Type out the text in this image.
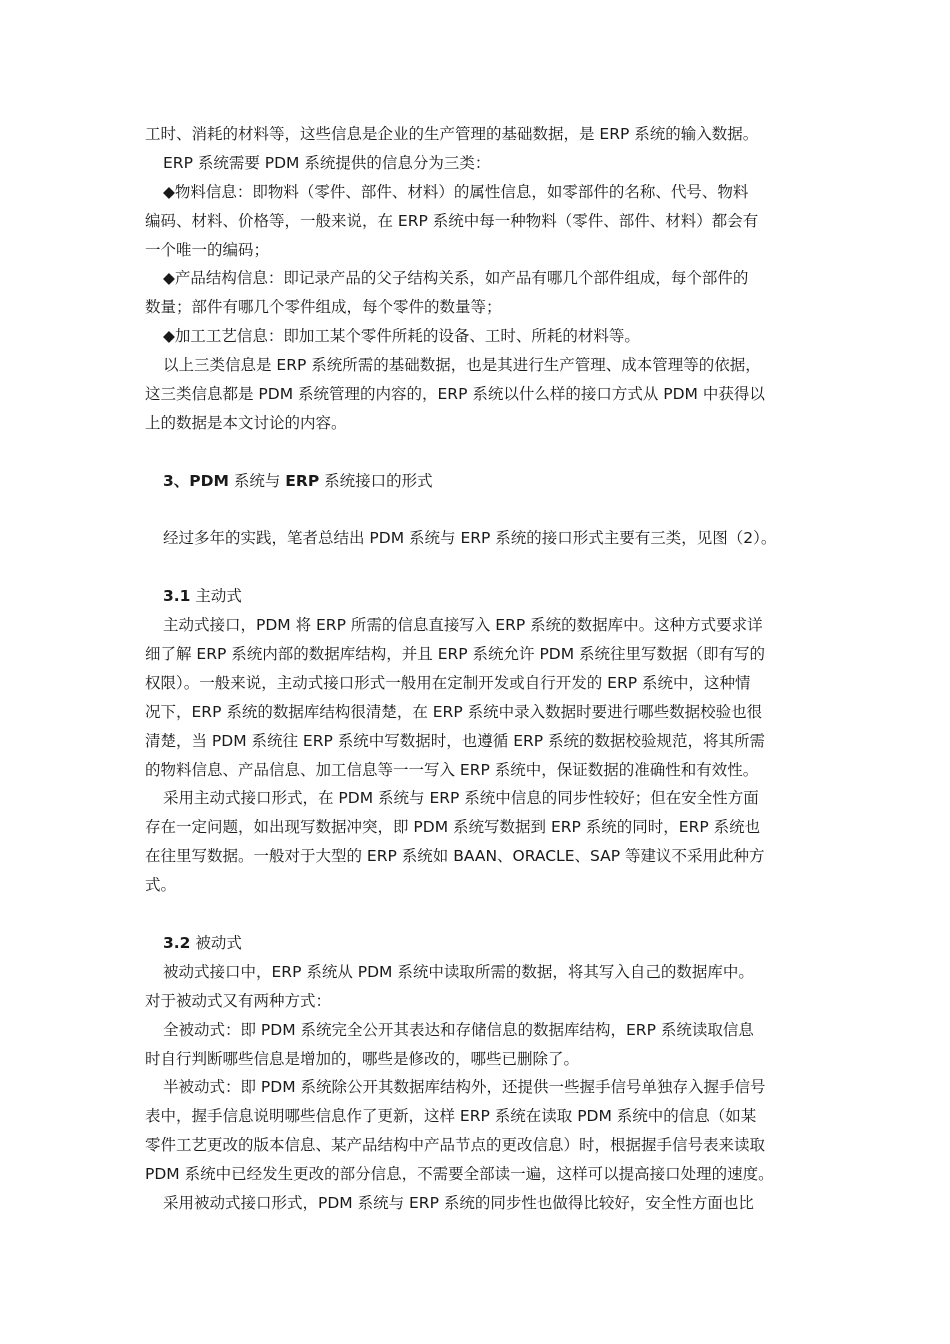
工时、消耗的材料等，这些信息是企业的生产管理的基础数据，是 ERP 系统的输入数据。
ERP 系统需要 PDM 系统提供的信息分为三类：
◆物料信息：即物料（零件、部件、材料）的属性信息，如零部件的名称、代号、物料
编码、材料、价格等，一般来说，在 ERP 系统中每一种物料（零件、部件、材料）都会有
一个唯一的编码；
◆产品结构信息：即记录产品的父子结构关系，如产品有哪几个部件组成，每个部件的
数量；部件有哪几个零件组成，每个零件的数量等；
◆加工工艺信息：即加工某个零件所耗的设备、工时、所耗的材料等。
以上三类信息是 ERP 系统所需的基础数据，也是其进行生产管理、成本管理等的依据，
这三类信息都是 PDM 系统管理的内容的，ERP 系统以什么样的接口方式从 PDM 中获得以
上的数据是本文讨论的内容。
3、PDM 系统与 ERP 系统接口的形式
经过多年的实践，笔者总结出 PDM 系统与 ERP 系统的接口形式主要有三类，见图（2）。
3.1 主动式
主动式接口，PDM 将 ERP 所需的信息直接写入 ERP 系统的数据库中。这种方式要求详
细了解 ERP 系统内部的数据库结构，并且 ERP 系统允许 PDM 系统往里写数据（即有写的
权限）。一般来说，主动式接口形式一般用在定制开发或自行开发的 ERP 系统中，这种情
况下，ERP 系统的数据库结构很清楚，在 ERP 系统中录入数据时要进行哪些数据校验也很
清楚，当 PDM 系统往 ERP 系统中写数据时，也遵循 ERP 系统的数据校验规范，将其所需
的物料信息、产品信息、加工信息等一一写入 ERP 系统中，保证数据的准确性和有效性。
采用主动式接口形式，在 PDM 系统与 ERP 系统中信息的同步性较好；但在安全性方面
存在一定问题，如出现写数据冲突，即 PDM 系统写数据到 ERP 系统的同时，ERP 系统也
在往里写数据。一般对于大型的 ERP 系统如 BAAN、ORACLE、SAP 等建议不采用此种方
式。
3.2 被动式
被动式接口中，ERP 系统从 PDM 系统中读取所需的数据，将其写入自己的数据库中。
对于被动式又有两种方式：
全被动式：即 PDM 系统完全公开其表达和存储信息的数据库结构，ERP 系统读取信息
时自行判断哪些信息是增加的，哪些是修改的，哪些已删除了。
半被动式：即 PDM 系统除公开其数据库结构外，还提供一些握手信号单独存入握手信号
表中，握手信息说明哪些信息作了更新，这样 ERP 系统在读取 PDM 系统中的信息（如某
零件工艺更改的版本信息、某产品结构中产品节点的更改信息）时，根据握手信号表来读取
PDM 系统中已经发生更改的部分信息，不需要全部读一遍，这样可以提高接口处理的速度。
采用被动式接口形式，PDM 系统与 ERP 系统的同步性也做得比较好，安全性方面也比
